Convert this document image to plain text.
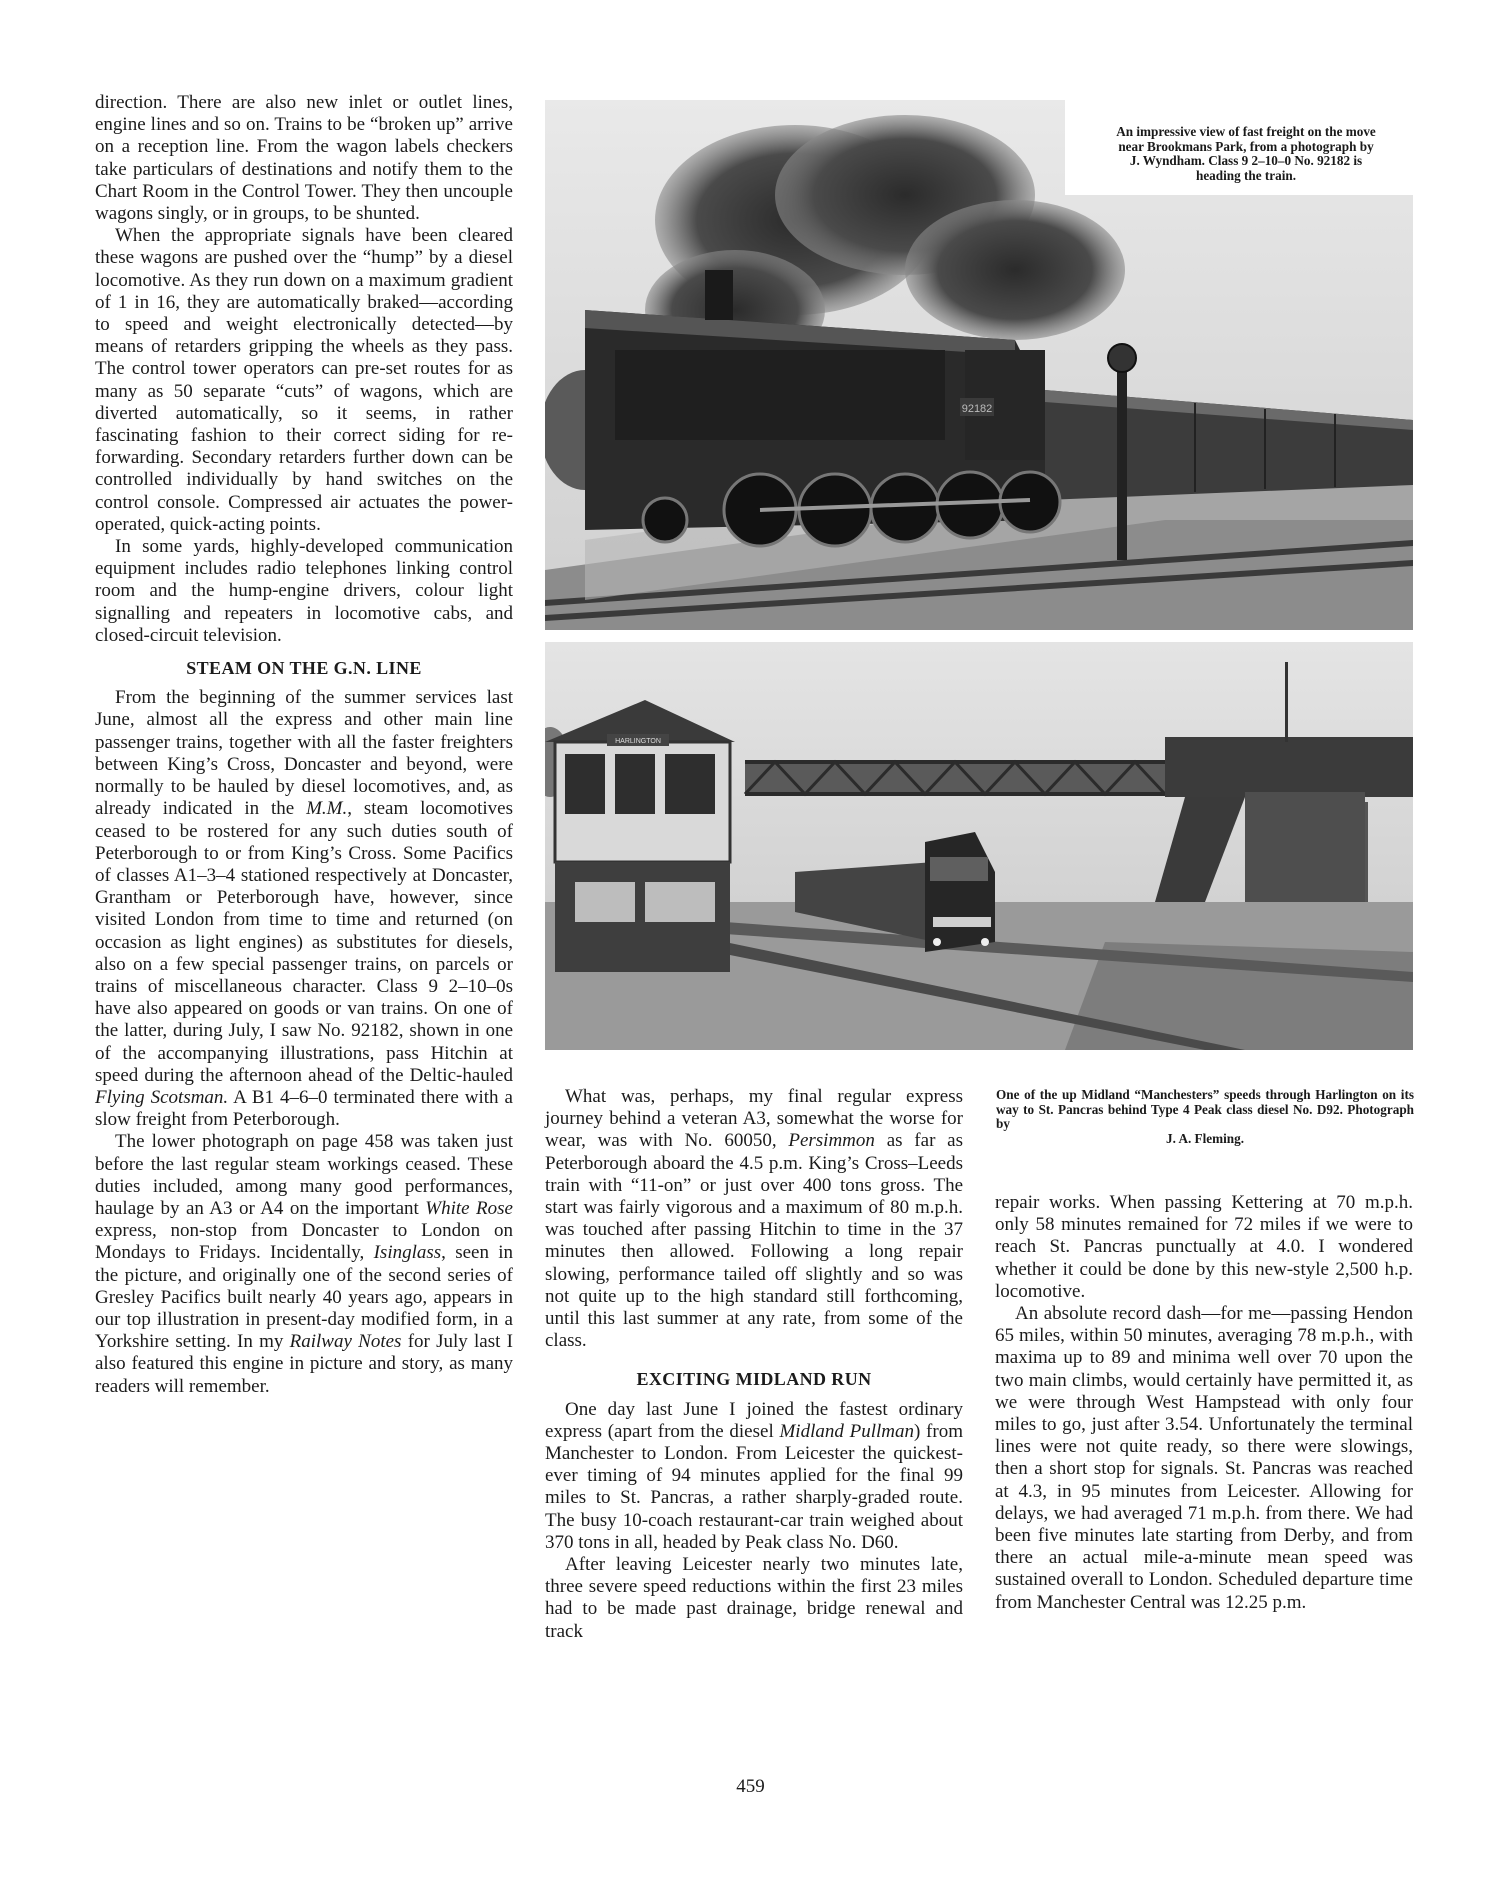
direction. There are also new inlet or outlet lines, engine lines and so on. Trains to be “broken up” arrive on a reception line. From the wagon labels checkers take particulars of destinations and notify them to the Chart Room in the Control Tower. They then uncouple wagons singly, or in groups, to be shunted.

When the appropriate signals have been cleared these wagons are pushed over the “hump” by a diesel locomotive. As they run down on a maximum gradient of 1 in 16, they are automatically braked—according to speed and weight electronically detected—by means of retarders gripping the wheels as they pass. The control tower operators can pre-set routes for as many as 50 separate “cuts” of wagons, which are diverted automatically, so it seems, in rather fascinating fashion to their correct siding for re-forwarding. Secondary retarders further down can be controlled individually by hand switches on the control console. Compressed air actuates the power-operated, quick-acting points.

In some yards, highly-developed communication equipment includes radio telephones linking control room and the hump-engine drivers, colour light signalling and repeaters in locomotive cabs, and closed-circuit television.

STEAM ON THE G.N. LINE

From the beginning of the summer services last June, almost all the express and other main line passenger trains, together with all the faster freighters between King’s Cross, Doncaster and beyond, were normally to be hauled by diesel locomotives, and, as already indicated in the M.M., steam locomotives ceased to be rostered for any such duties south of Peterborough to or from King’s Cross. Some Pacifics of classes A1–3–4 stationed respectively at Doncaster, Grantham or Peterborough have, however, since visited London from time to time and returned (on occasion as light engines) as substitutes for diesels, also on a few special passenger trains, on parcels or trains of miscellaneous character. Class 9 2–10–0s have also appeared on goods or van trains. On one of the latter, during July, I saw No. 92182, shown in one of the accompanying illustrations, pass Hitchin at speed during the afternoon ahead of the Deltic-hauled Flying Scotsman. A B1 4–6–0 terminated there with a slow freight from Peterborough.

The lower photograph on page 458 was taken just before the last regular steam workings ceased. These duties included, among many good performances, haulage by an A3 or A4 on the important White Rose express, non-stop from Doncaster to London on Mondays to Fridays. Incidentally, Isinglass, seen in the picture, and originally one of the second series of Gresley Pacifics built nearly 40 years ago, appears in our top illustration in present-day modified form, in a Yorkshire setting. In my Railway Notes for July last I also featured this engine in picture and story, as many readers will remember.

92182
An impressive view of fast freight on the move near Brookmans Park, from a photograph by J. Wyndham. Class 9 2–10–0 No. 92182 is heading the train.
HARLINGTON
One of the up Midland “Manchesters” speeds through Harlington on its way to St. Pancras behind Type 4 Peak class diesel No. D92. Photograph by
J. A. Fleming.

What was, perhaps, my final regular express journey behind a veteran A3, somewhat the worse for wear, was with No. 60050, Persimmon as far as Peterborough aboard the 4.5 p.m. King’s Cross–Leeds train with “11-on” or just over 400 tons gross. The start was fairly vigorous and a maximum of 80 m.p.h. was touched after passing Hitchin to time in the 37 minutes then allowed. Following a long repair slowing, performance tailed off slightly and so was not quite up to the high standard still forthcoming, until this last summer at any rate, from some of the class.

EXCITING MIDLAND RUN

One day last June I joined the fastest ordinary express (apart from the diesel Midland Pullman) from Manchester to London. From Leicester the quickest-ever timing of 94 minutes applied for the final 99 miles to St. Pancras, a rather sharply-graded route. The busy 10-coach restaurant-car train weighed about 370 tons in all, headed by Peak class No. D60.

After leaving Leicester nearly two minutes late, three severe speed reductions within the first 23 miles had to be made past drainage, bridge renewal and track

repair works. When passing Kettering at 70 m.p.h. only 58 minutes remained for 72 miles if we were to reach St. Pancras punctually at 4.0. I wondered whether it could be done by this new-style 2,500 h.p. locomotive.

An absolute record dash—for me—passing Hendon 65 miles, within 50 minutes, averaging 78 m.p.h., with maxima up to 89 and minima well over 70 upon the two main climbs, would certainly have permitted it, as we were through West Hampstead with only four miles to go, just after 3.54. Unfortunately the terminal lines were not quite ready, so there were slowings, then a short stop for signals. St. Pancras was reached at 4.3, in 95 minutes from Leicester. Allowing for delays, we had averaged 71 m.p.h. from there. We had been five minutes late starting from Derby, and from there an actual mile-a-minute mean speed was sustained overall to London. Scheduled departure time from Manchester Central was 12.25 p.m.

459
